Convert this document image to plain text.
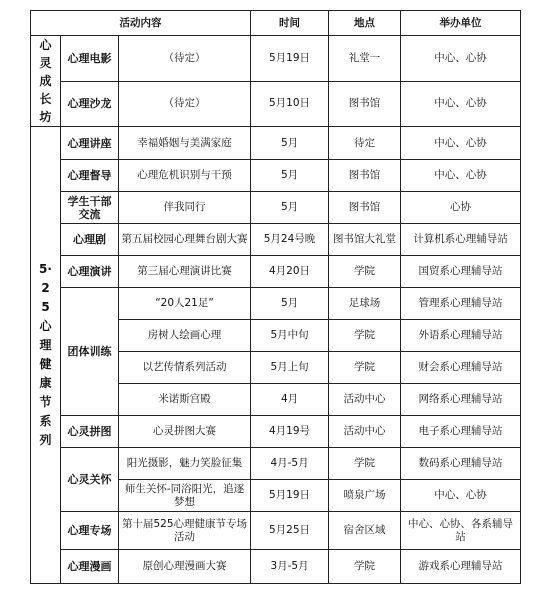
活动内容			时间	地点	举办单位

心灵成长坊	心理电影	（待定）	5月19日	礼堂一	中心、心协
	心理沙龙	（待定）	5月10日	图书馆	中心、心协

5·25心理健康节系列	心理讲座	幸福婚姻与美满家庭	5月	待定	中心、心协
	心理督导	心理危机识别与干预	5月	图书馆	中心、心协
	学生干部交流	伴我同行	5月	图书馆	心协
	心理剧	第五届校园心理舞台剧大赛	5月24号晚	图书馆大礼堂	计算机系心理辅导站
	心理演讲	第三届心理演讲比赛	4月20日	学院	国贸系心理辅导站
	团体训练	“20人21足”	5月	足球场	管理系心理辅导站
		房树人绘画心理	5月中旬	学院	外语系心理辅导站
		以艺传情系列活动	5月上旬	学院	财会系心理辅导站
		米诺斯宫殿	4月	活动中心	网络系心理辅导站
	心灵拼图	心灵拼图大赛	4月19号	活动中心	电子系心理辅导站
	心灵关怀	阳光摄影，魅力笑脸征集	4月-5月	学院	数码系心理辅导站
		师生关怀-同浴阳光，追逐梦想	5月19日	喷泉广场	中心、心协
	心理专场	第十届525心理健康节专场活动	5月25日	宿舍区域	中心、心协、各系辅导站
	心理漫画	原创心理漫画大赛	3月-5月	学院	游戏系心理辅导站
